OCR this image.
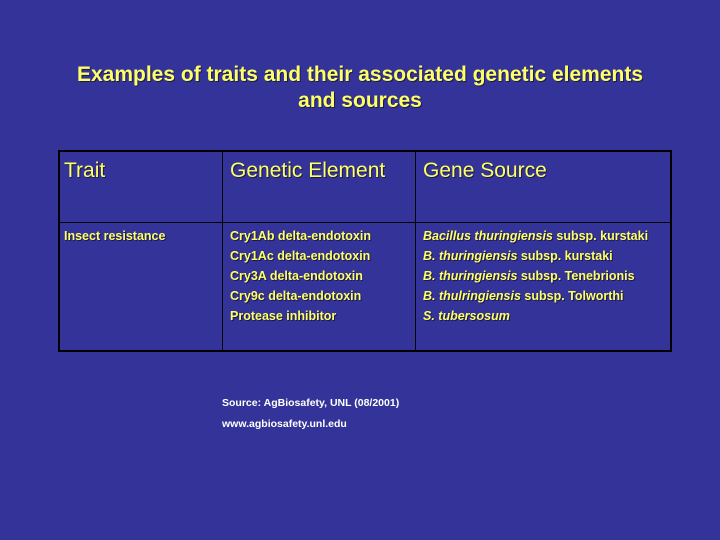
Examples of traits and their associated genetic elements
and sources
Trait	Genetic Element Gene Source
Insect resistance	Cry1Ab delta-endotoxin
Cry1Ac delta-endotoxin
Cry3A delta-endotoxin
Cry9c delta-endotoxin
Protease inhibitor
Bacillus thuringiensis subsp. kurstaki
B. thuringiensis subsp. kurstaki
B. thuringiensis subsp. Tenebrionis
B. thulringiensis subsp. Tolworthi
S. tubersosum
Source: AgBiosafety, UNL (08/2001)
www.agbiosafety.unl.edu
